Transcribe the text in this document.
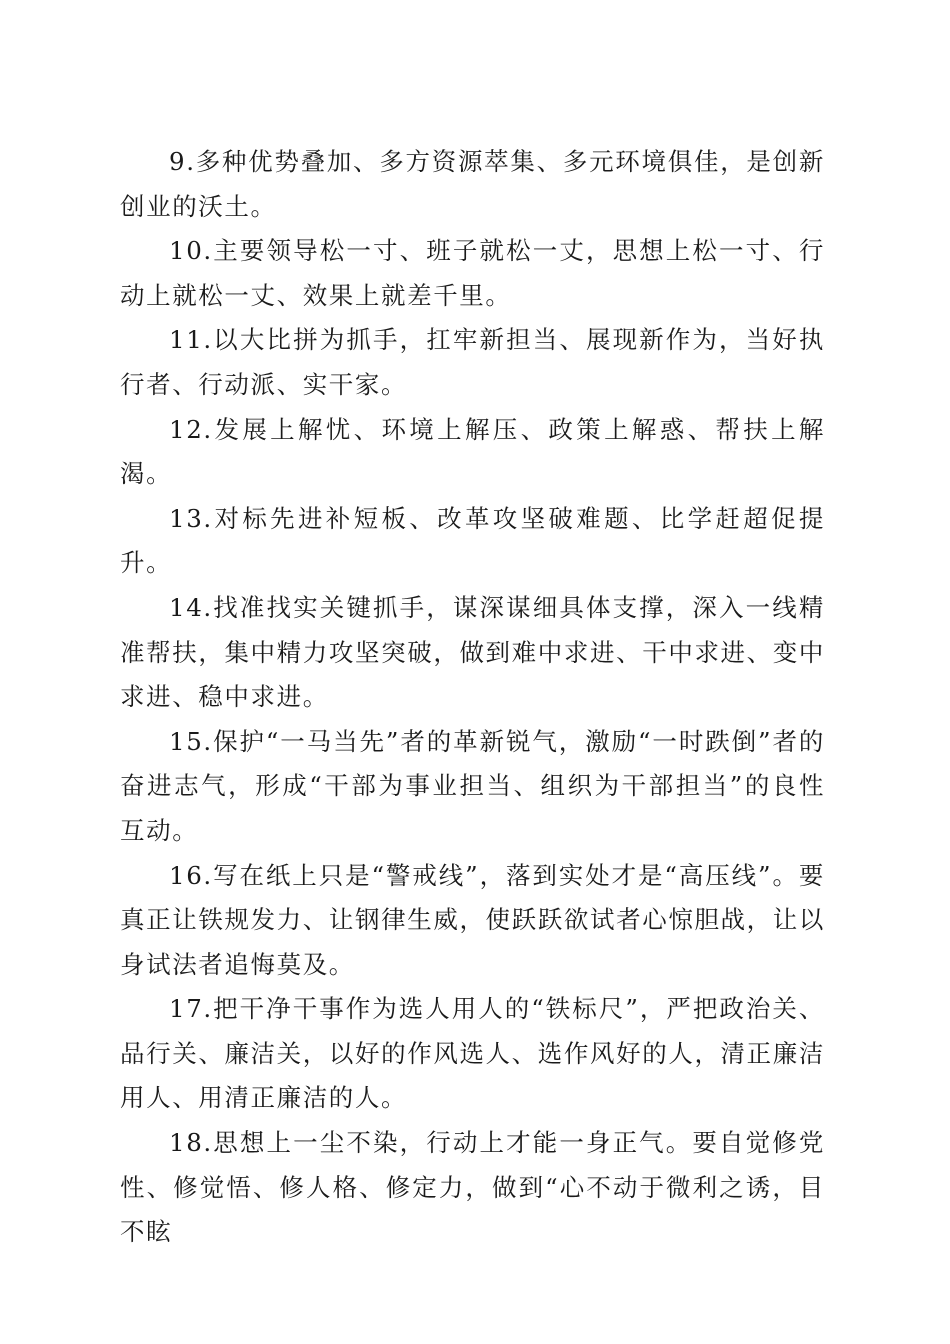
9.多种优势叠加、多方资源萃集、多元环境俱佳，是创新创业的沃土。

10.主要领导松一寸、班子就松一丈，思想上松一寸、行动上就松一丈、效果上就差千里。

11.以大比拼为抓手，扛牢新担当、展现新作为，当好执行者、行动派、实干家。

12.发展上解忧、环境上解压、政策上解惑、帮扶上解渴。

13.对标先进补短板、改革攻坚破难题、比学赶超促提升。

14.找准找实关键抓手，谋深谋细具体支撑，深入一线精准帮扶，集中精力攻坚突破，做到难中求进、干中求进、变中求进、稳中求进。

15.保护“一马当先”者的革新锐气，激励“一时跌倒”者的奋进志气，形成“干部为事业担当、组织为干部担当”的良性互动。

16.写在纸上只是“警戒线”，落到实处才是“高压线”。要真正让铁规发力、让钢律生威，使跃跃欲试者心惊胆战，让以身试法者追悔莫及。

17.把干净干事作为选人用人的“铁标尺”，严把政治关、品行关、廉洁关，以好的作风选人、选作风好的人，清正廉洁用人、用清正廉洁的人。

18.思想上一尘不染，行动上才能一身正气。要自觉修党性、修觉悟、修人格、修定力，做到“心不动于微利之诱，目不眩
